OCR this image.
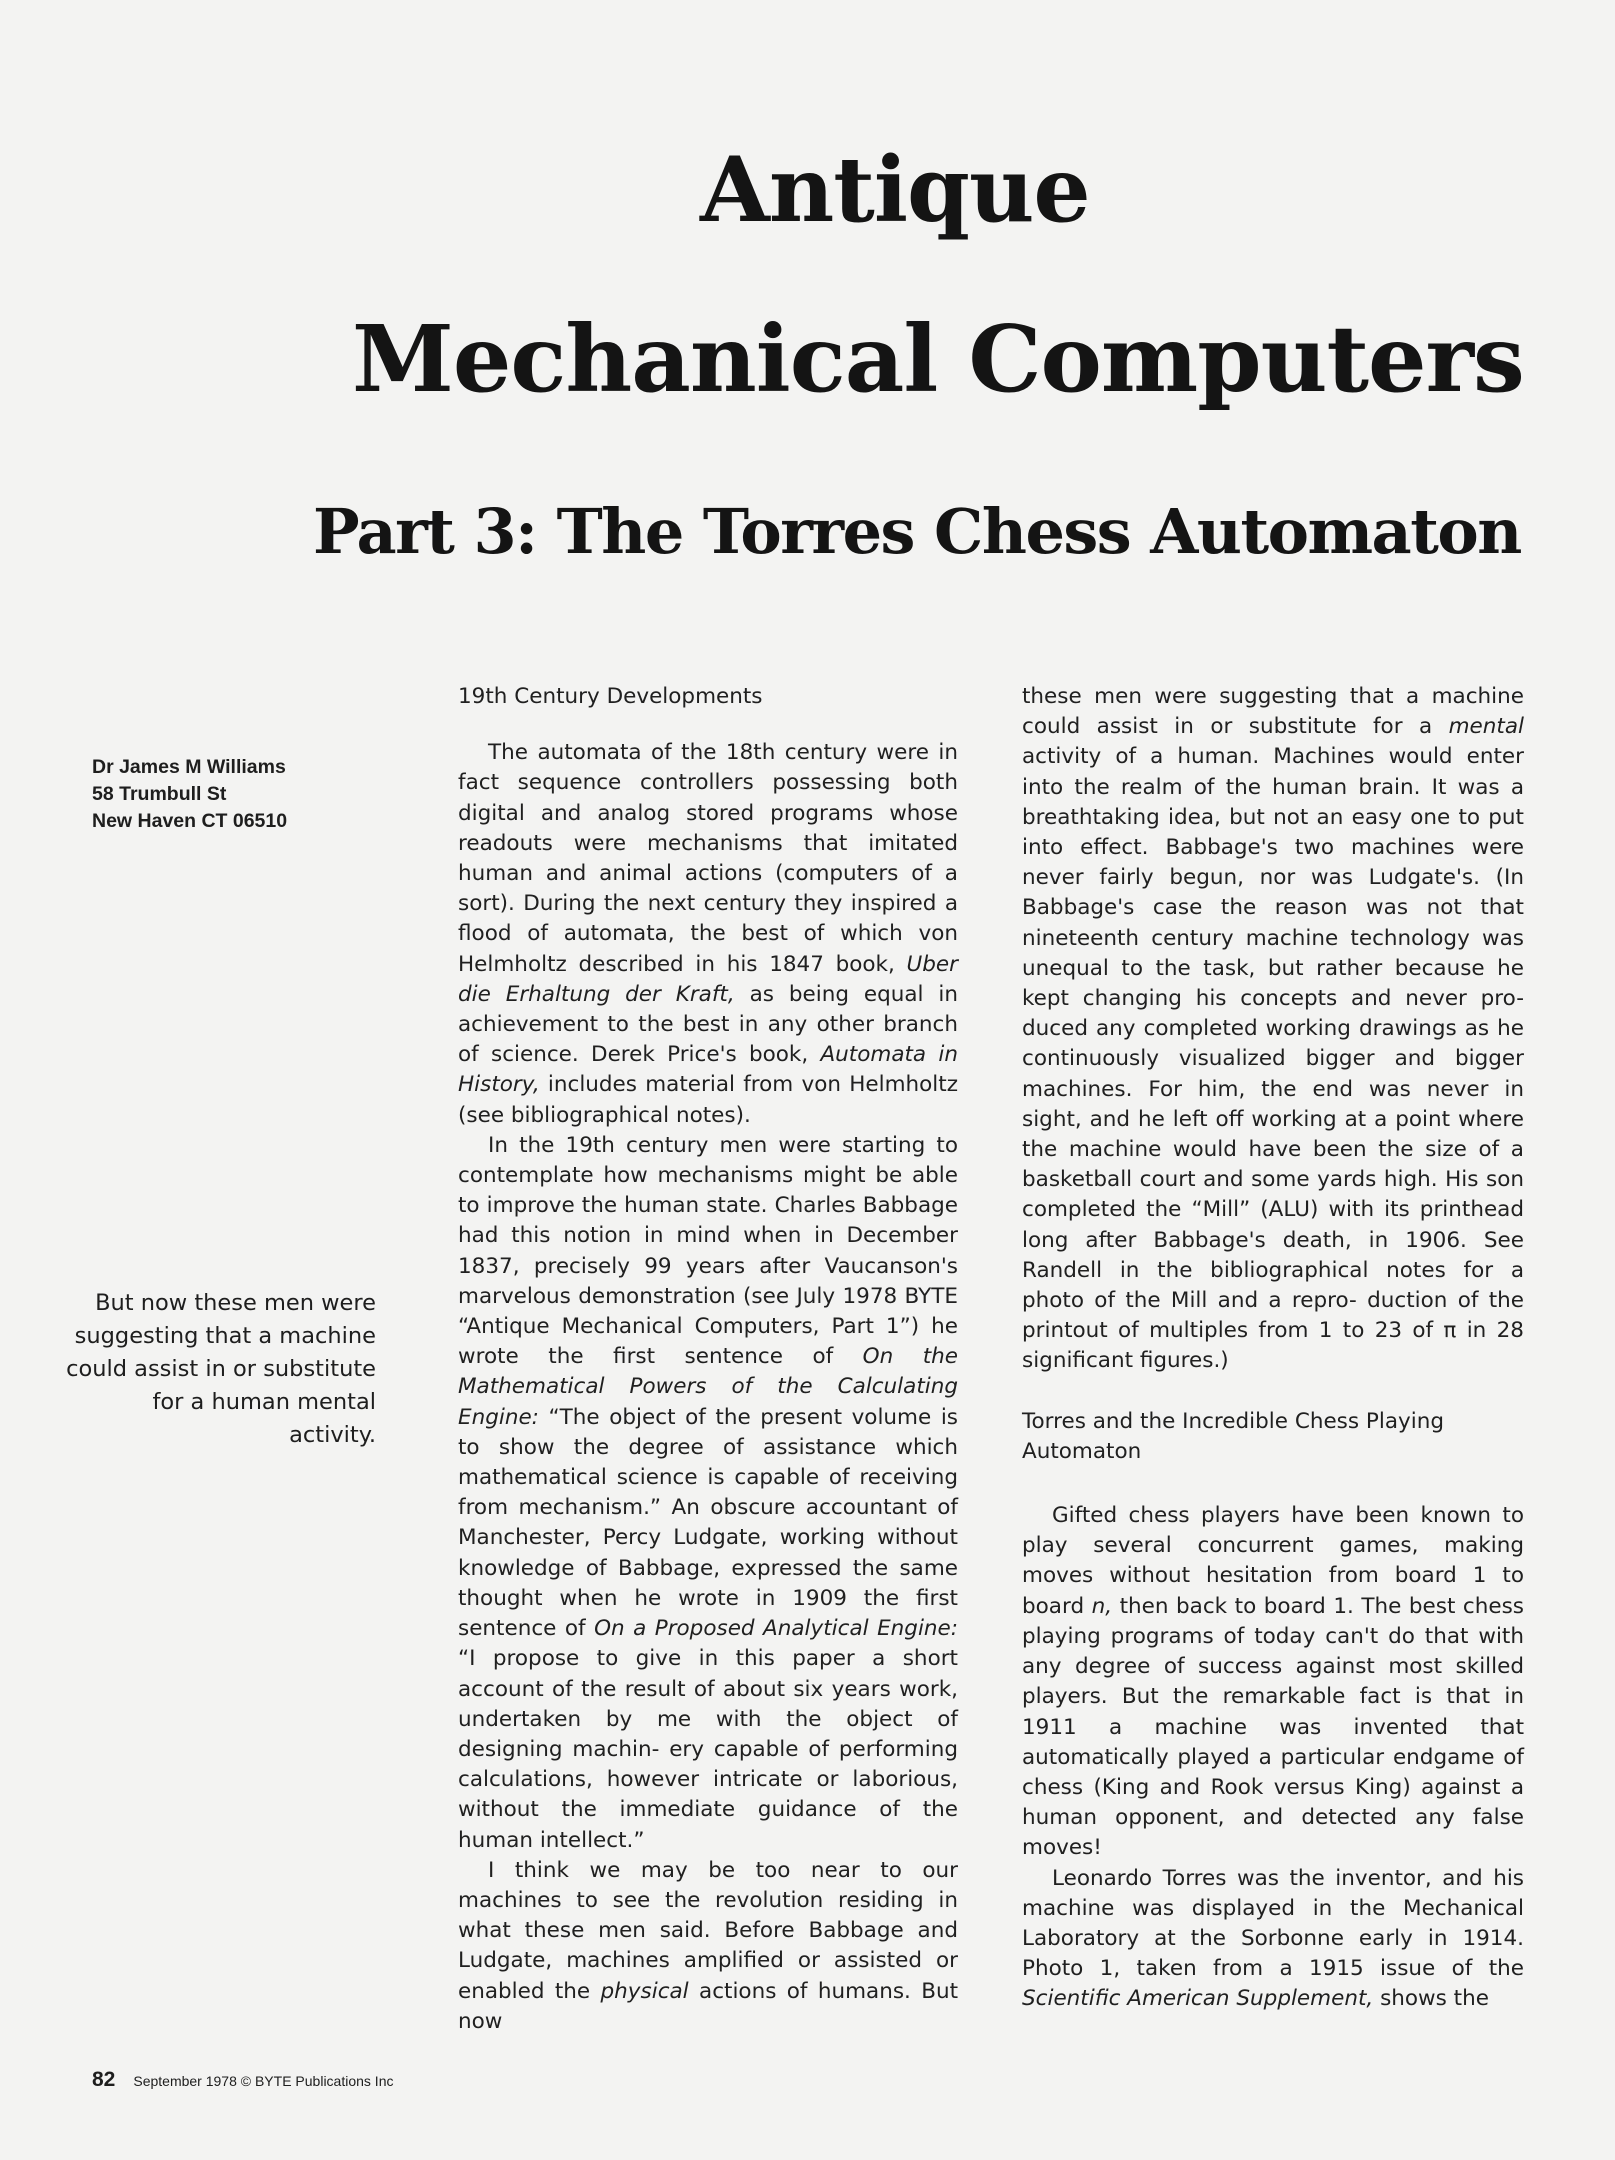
Antique
Mechanical Computers
Part 3: The Torres Chess Automaton
Dr James M Williams
58 Trumbull St
New Haven CT 06510
But now these men were suggesting that a machine could assist in or substitute for a human mental activity.
19th Century Developments

The automata of the 18th century were in fact sequence controllers possessing both digital and analog stored programs whose readouts were mechanisms that imitated human and animal actions (computers of a sort). During the next century they inspired a flood of automata, the best of which von Helmholtz described in his 1847 book, Uber die Erhaltung der Kraft, as being equal in achievement to the best in any other branch of science. Derek Price's book, Automata in History, includes material from von Helmholtz (see bibliographical notes).

In the 19th century men were starting to contemplate how mechanisms might be able to improve the human state. Charles Babbage had this notion in mind when in December 1837, precisely 99 years after Vaucanson's marvelous demonstration (see July 1978 BYTE “Antique Mechanical Computers, Part 1”) he wrote the first sentence of On the Mathematical Powers of the Calculating Engine: “The object of the present volume is to show the degree of assistance which mathematical science is capable of receiving from mechanism.” An obscure accountant of Manchester, Percy Ludgate, working without knowledge of Babbage, expressed the same thought when he wrote in 1909 the first sentence of On a Proposed Analytical Engine: “I propose to give in this paper a short account of the result of about six years work, undertaken by me with the object of designing machin- ery capable of performing calculations, however intricate or laborious, without the immediate guidance of the human intellect.”

I think we may be too near to our machines to see the revolution residing in what these men said. Before Babbage and Ludgate, machines amplified or assisted or enabled the physical actions of humans. But now

these men were suggesting that a machine could assist in or substitute for a mental activity of a human. Machines would enter into the realm of the human brain. It was a breathtaking idea, but not an easy one to put into effect. Babbage's two machines were never fairly begun, nor was Ludgate's. (In Babbage's case the reason was not that nineteenth century machine technology was unequal to the task, but rather because he kept changing his concepts and never pro- duced any completed working drawings as he continuously visualized bigger and bigger machines. For him, the end was never in sight, and he left off working at a point where the machine would have been the size of a basketball court and some yards high. His son completed the “Mill” (ALU) with its printhead long after Babbage's death, in 1906. See Randell in the bibliographical notes for a photo of the Mill and a repro- duction of the printout of multiples from 1 to 23 of π in 28 significant figures.)

Torres and the Incredible Chess Playing Automaton

Gifted chess players have been known to play several concurrent games, making moves without hesitation from board 1 to board n, then back to board 1. The best chess playing programs of today can't do that with any degree of success against most skilled players. But the remarkable fact is that in 1911 a machine was invented that automatically played a particular endgame of chess (King and Rook versus King) against a human opponent, and detected any false moves!

Leonardo Torres was the inventor, and his machine was displayed in the Mechanical Laboratory at the Sorbonne early in 1914. Photo 1, taken from a 1915 issue of the Scientific American Supplement, shows the

82 September 1978 © BYTE Publications Inc
